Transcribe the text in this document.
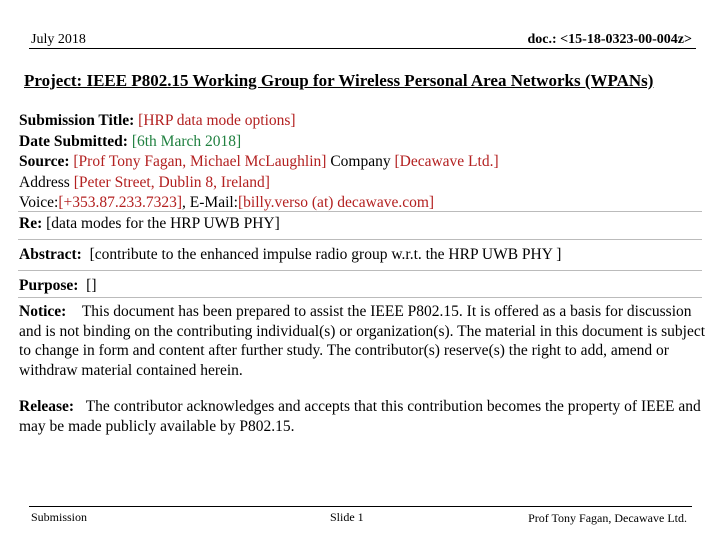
July 2018	doc.: <15-18-0323-00-004z>
Project: IEEE P802.15 Working Group for Wireless Personal Area Networks (WPANs)
Submission Title: [HRP data mode options]
Date Submitted: [6th March 2018]
Source: [Prof Tony Fagan, Michael McLaughlin] Company [Decawave Ltd.]
Address [Peter Street, Dublin 8, Ireland]
Voice:[+353.87.233.7323], E-Mail:[billy.verso (at) decawave.com]
Re: [data modes for the HRP UWB PHY]
Abstract: [contribute to the enhanced impulse radio group w.r.t. the HRP UWB PHY ]
Purpose: []
Notice: This document has been prepared to assist the IEEE P802.15. It is offered as a basis for discussion and is not binding on the contributing individual(s) or organization(s). The material in this document is subject to change in form and content after further study. The contributor(s) reserve(s) the right to add, amend or withdraw material contained herein.
Release: The contributor acknowledges and accepts that this contribution becomes the property of IEEE and may be made publicly available by P802.15.
Submission	Slide 1	Prof Tony Fagan, Decawave Ltd.
